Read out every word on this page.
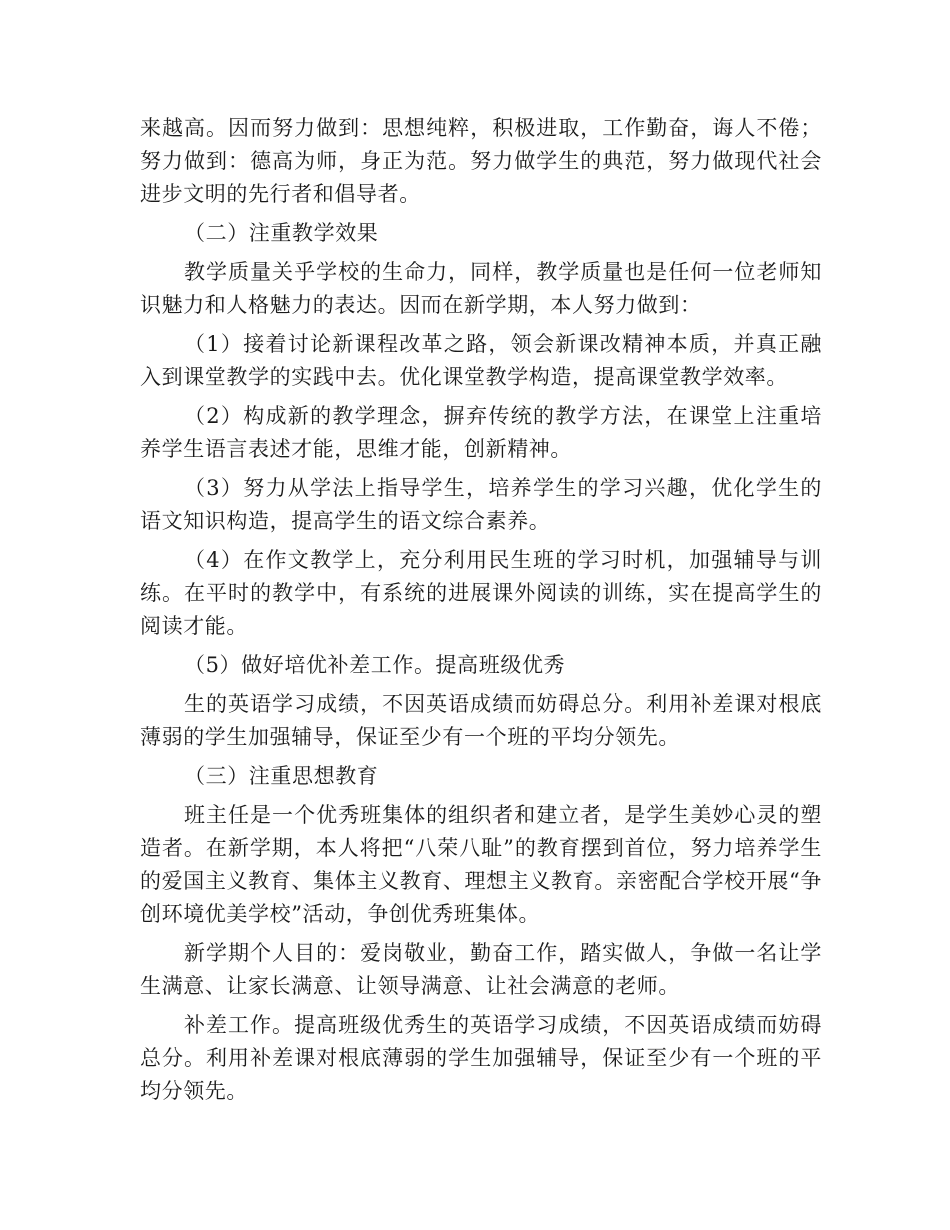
来越高。因而努力做到：思想纯粹，积极进取，工作勤奋，诲人不倦；努力做到：德高为师，身正为范。努力做学生的典范，努力做现代社会进步文明的先行者和倡导者。

（二）注重教学效果

教学质量关乎学校的生命力，同样，教学质量也是任何一位老师知识魅力和人格魅力的表达。因而在新学期，本人努力做到：

（1）接着讨论新课程改革之路，领会新课改精神本质，并真正融入到课堂教学的实践中去。优化课堂教学构造，提高课堂教学效率。

（2）构成新的教学理念，摒弃传统的教学方法，在课堂上注重培养学生语言表述才能，思维才能，创新精神。

（3）努力从学法上指导学生，培养学生的学习兴趣，优化学生的语文知识构造，提高学生的语文综合素养。

（4）在作文教学上，充分利用民生班的学习时机，加强辅导与训练。在平时的教学中，有系统的进展课外阅读的训练，实在提高学生的阅读才能。

（5）做好培优补差工作。提高班级优秀

生的英语学习成绩，不因英语成绩而妨碍总分。利用补差课对根底薄弱的学生加强辅导，保证至少有一个班的平均分领先。

（三）注重思想教育

班主任是一个优秀班集体的组织者和建立者，是学生美妙心灵的塑造者。在新学期，本人将把“八荣八耻”的教育摆到首位，努力培养学生的爱国主义教育、集体主义教育、理想主义教育。亲密配合学校开展“争创环境优美学校”活动，争创优秀班集体。

新学期个人目的：爱岗敬业，勤奋工作，踏实做人，争做一名让学生满意、让家长满意、让领导满意、让社会满意的老师。

补差工作。提高班级优秀生的英语学习成绩，不因英语成绩而妨碍总分。利用补差课对根底薄弱的学生加强辅导，保证至少有一个班的平均分领先。
